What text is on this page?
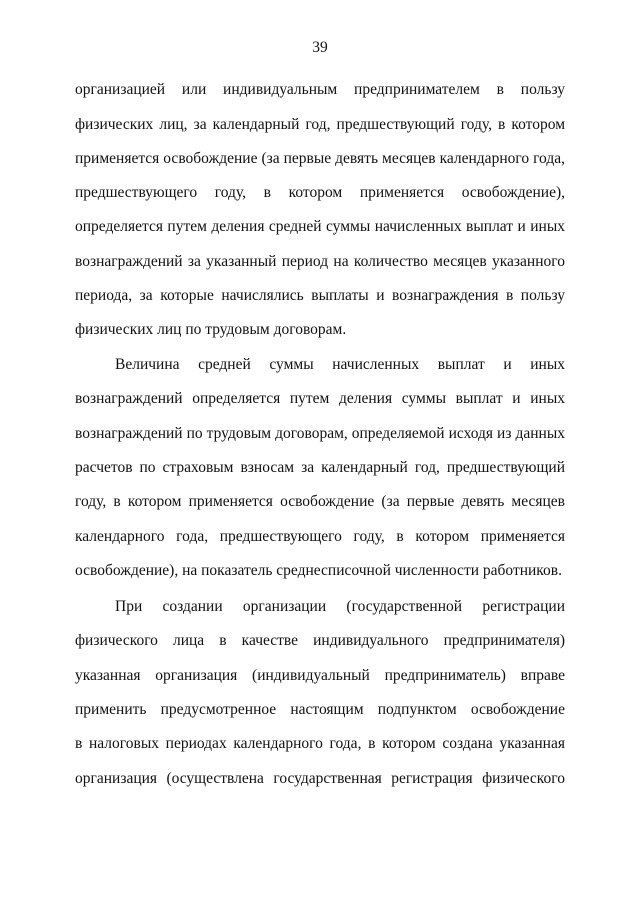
39
организацией или индивидуальным предпринимателем в пользу
физических лиц, за календарный год, предшествующий году, в котором
применяется освобождение (за первые девять месяцев календарного года,
предшествующего году, в котором применяется освобождение),
определяется путем деления средней суммы начисленных выплат и иных
вознаграждений за указанный период на количество месяцев указанного
периода, за которые начислялись выплаты и вознаграждения в пользу
физических лиц по трудовым договорам.
Величина средней суммы начисленных выплат и иных
вознаграждений определяется путем деления суммы выплат и иных
вознаграждений по трудовым договорам, определяемой исходя из данных
расчетов по страховым взносам за календарный год, предшествующий
году, в котором применяется освобождение (за первые девять месяцев
календарного года, предшествующего году, в котором применяется
освобождение), на показатель среднесписочной численности работников.
При создании организации (государственной регистрации
физического лица в качестве индивидуального предпринимателя)
указанная организация (индивидуальный предприниматель) вправе
применить предусмотренное настоящим подпунктом освобождение
в налоговых периодах календарного года, в котором создана указанная
организация (осуществлена государственная регистрация физического
